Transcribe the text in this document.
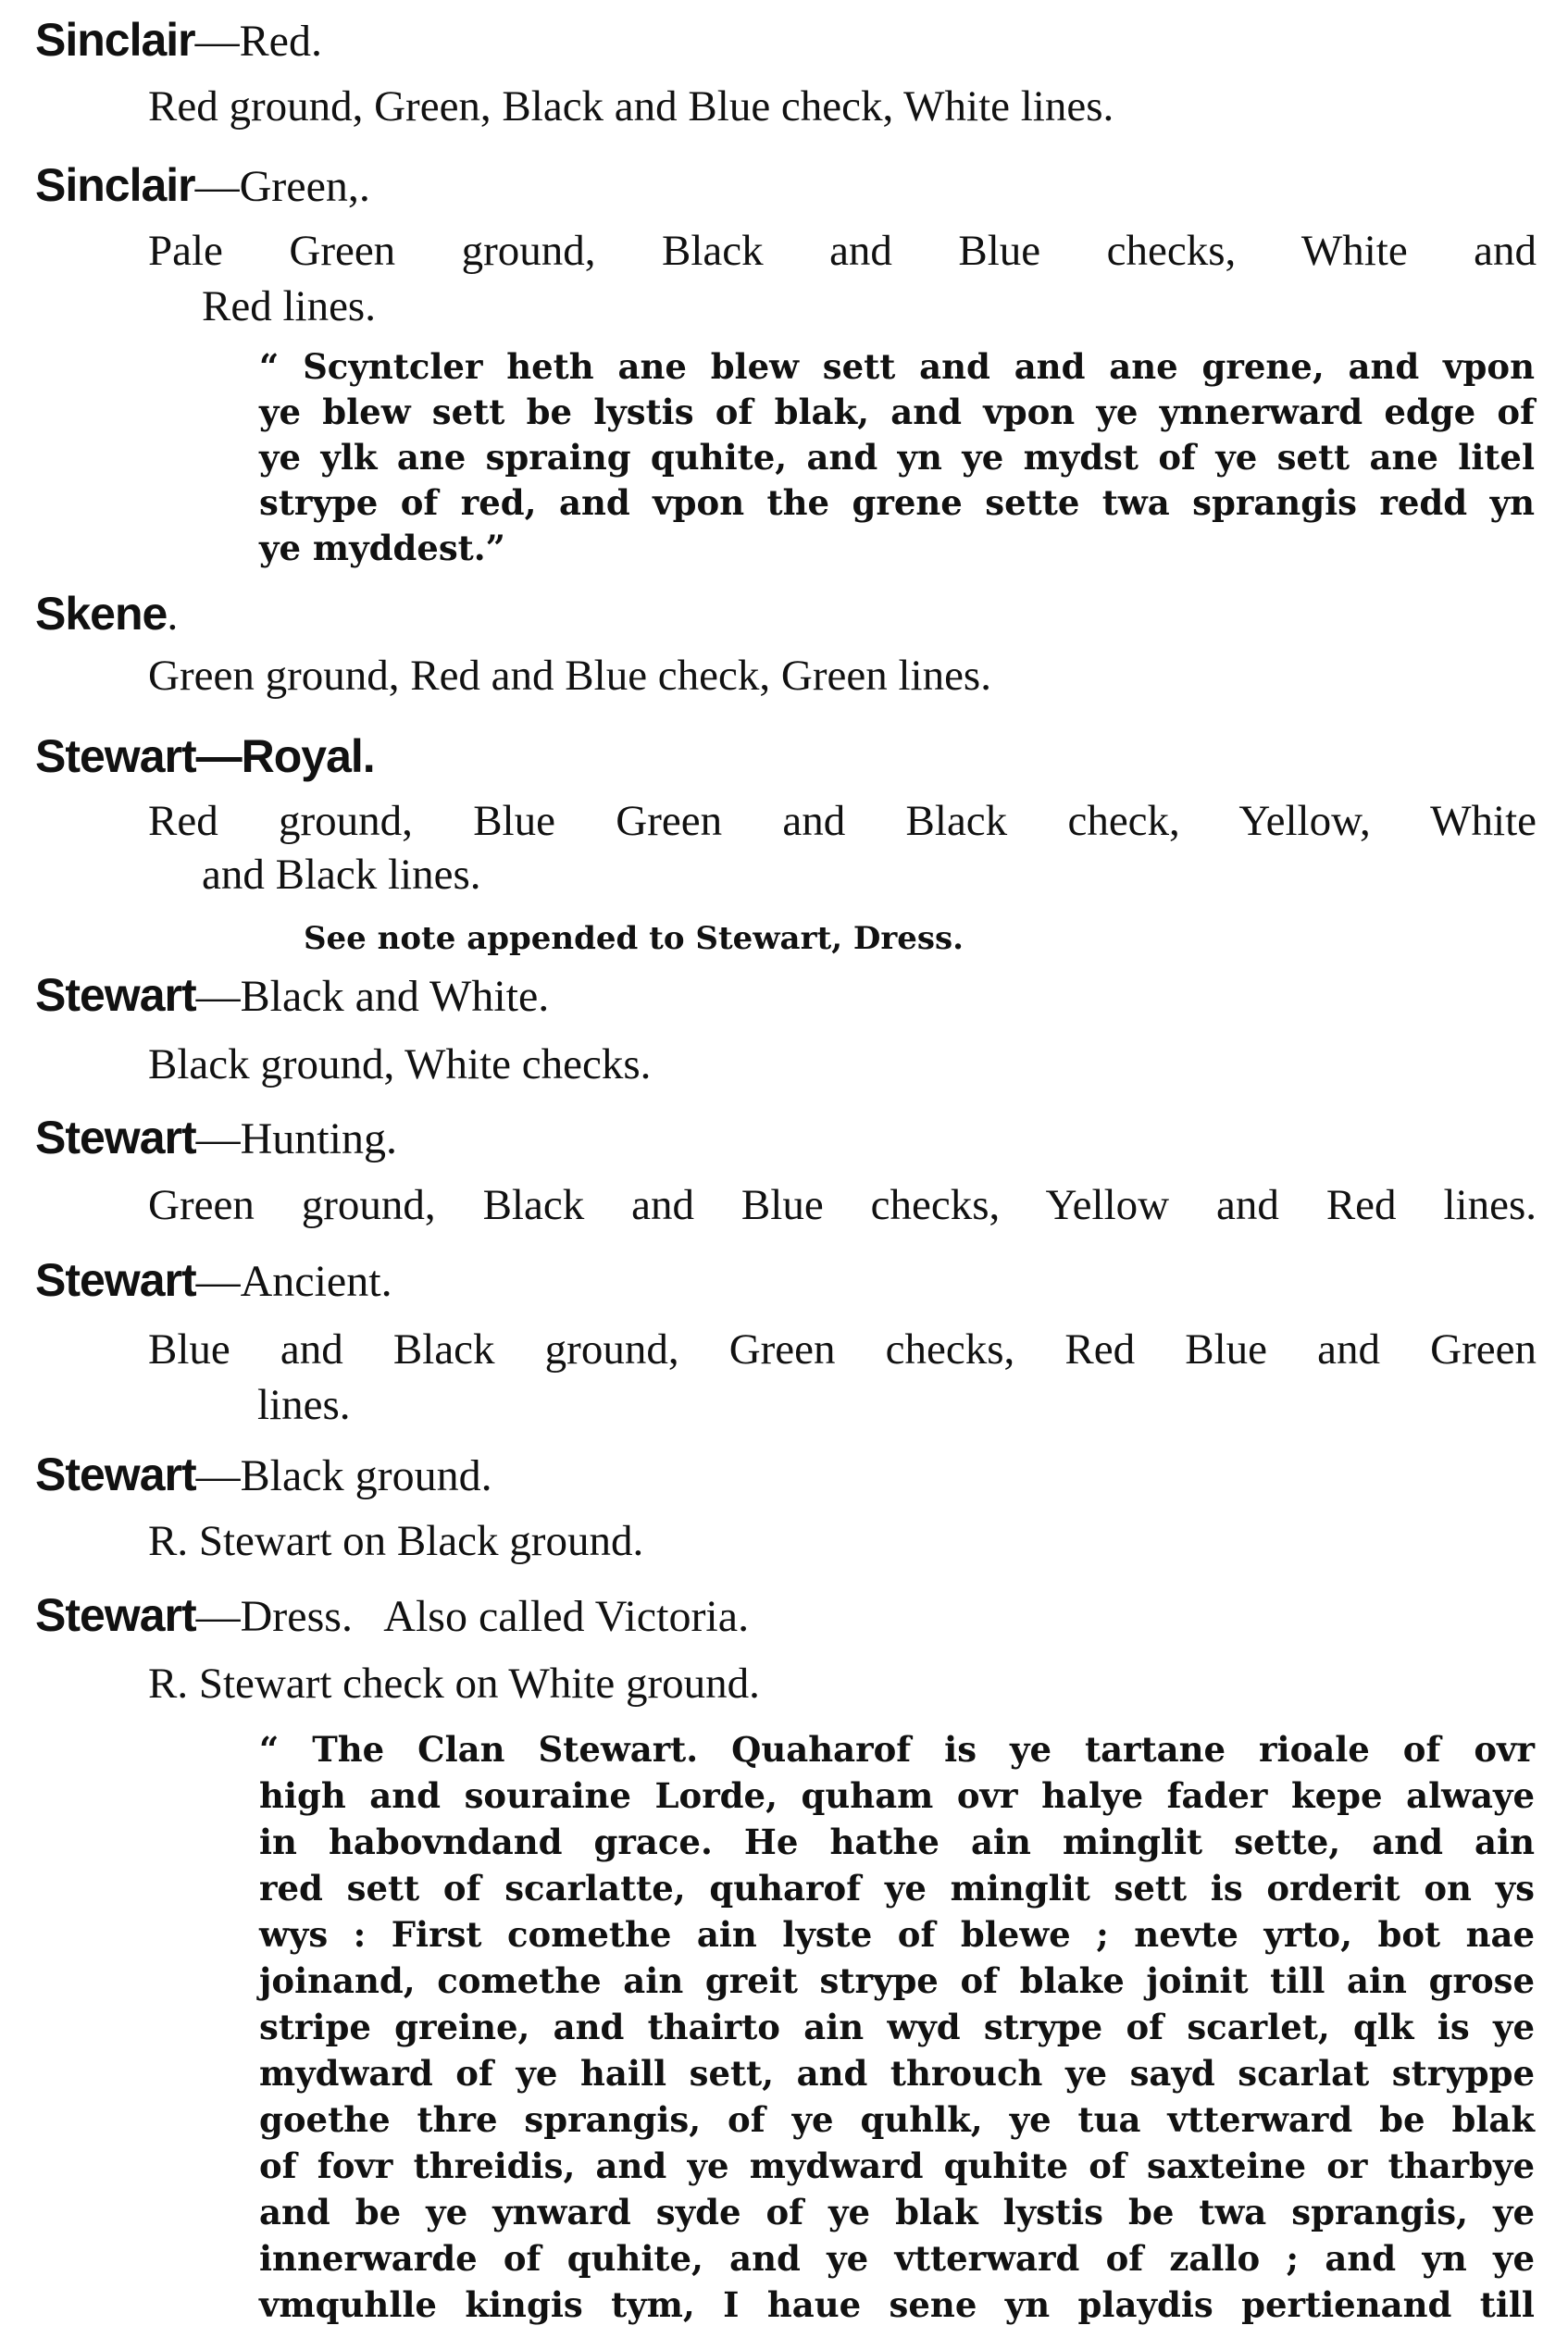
Sinclair—Red.
Red ground, Green, Black and Blue check, White lines.
Sinclair—Green,.
Pale Green ground, Black and Blue checks, White and
Red lines.
“ Scyntcler heth ane blew sett and and ane grene, and vpon
ye blew sett be lystis of blak, and vpon ye ynnerward edge of
ye ylk ane spraing quhite, and yn ye mydst of ye sett ane litel
strype of red, and vpon the grene sette twa sprangis redd yn
ye myddest.”
Skene.
Green ground, Red and Blue check, Green lines.
Stewart—Royal.
Red ground, Blue Green and Black check, Yellow, White
and Black lines.
See note appended to Stewart, Dress.
Stewart—Black and White.
Black ground, White checks.
Stewart—Hunting.
Green ground, Black and Blue checks, Yellow and Red lines.
Stewart—Ancient.
Blue and Black ground, Green checks, Red Blue and Green
lines.
Stewart—Black ground.
R. Stewart on Black ground.
Stewart—Dress.   Also called Victoria.
R. Stewart check on White ground.
“ The Clan Stewart. Quaharof is ye tartane rioale of ovr
high and souraine Lorde, quham ovr halye fader kepe alwaye
in habovndand grace. He hathe ain minglit sette, and ain
red sett of scarlatte, quharof ye minglit sett is orderit on ys
wys : First comethe ain lyste of blewe ; nevte yrto, bot nae
joinand, comethe ain greit strype of blake joinit till ain grose
stripe greine, and thairto ain wyd strype of scarlet, qlk is ye
mydward of ye haill sett, and throuch ye sayd scarlat stryppe
goethe thre sprangis, of ye quhlk, ye tua vtterward be blak
of fovr threidis, and ye mydward quhite of saxteine or tharbye
and be ye ynward syde of ye blak lystis be twa sprangis, ye
innerwarde of quhite, and ye vtterward of zallo ; and yn ye
vmquhlle kingis tym, I haue sene yn playdis pertienand till
